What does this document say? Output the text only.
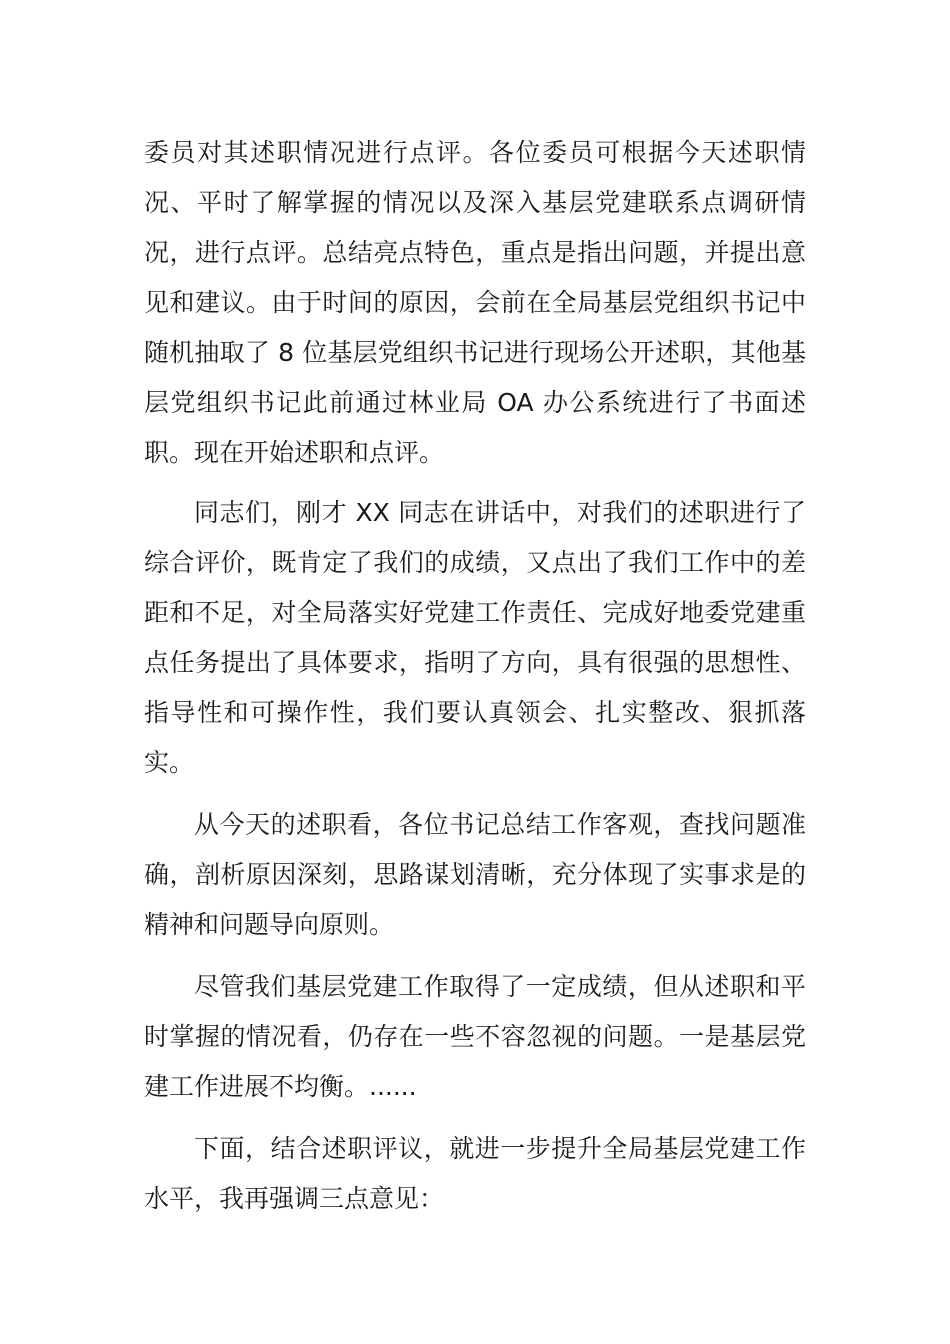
委员对其述职情况进行点评。各位委员可根据今天述职情况、平时了解掌握的情况以及深入基层党建联系点调研情况，进行点评。总结亮点特色，重点是指出问题，并提出意见和建议。由于时间的原因，会前在全局基层党组织书记中随机抽取了 8 位基层党组织书记进行现场公开述职，其他基层党组织书记此前通过林业局 OA 办公系统进行了书面述职。现在开始述职和点评。

同志们，刚才 XX 同志在讲话中，对我们的述职进行了综合评价，既肯定了我们的成绩，又点出了我们工作中的差距和不足，对全局落实好党建工作责任、完成好地委党建重点任务提出了具体要求，指明了方向，具有很强的思想性、指导性和可操作性，我们要认真领会、扎实整改、狠抓落实。

从今天的述职看，各位书记总结工作客观，查找问题准确，剖析原因深刻，思路谋划清晰，充分体现了实事求是的精神和问题导向原则。

尽管我们基层党建工作取得了一定成绩，但从述职和平时掌握的情况看，仍存在一些不容忽视的问题。一是基层党建工作进展不均衡。......

下面，结合述职评议，就进一步提升全局基层党建工作水平，我再强调三点意见：
